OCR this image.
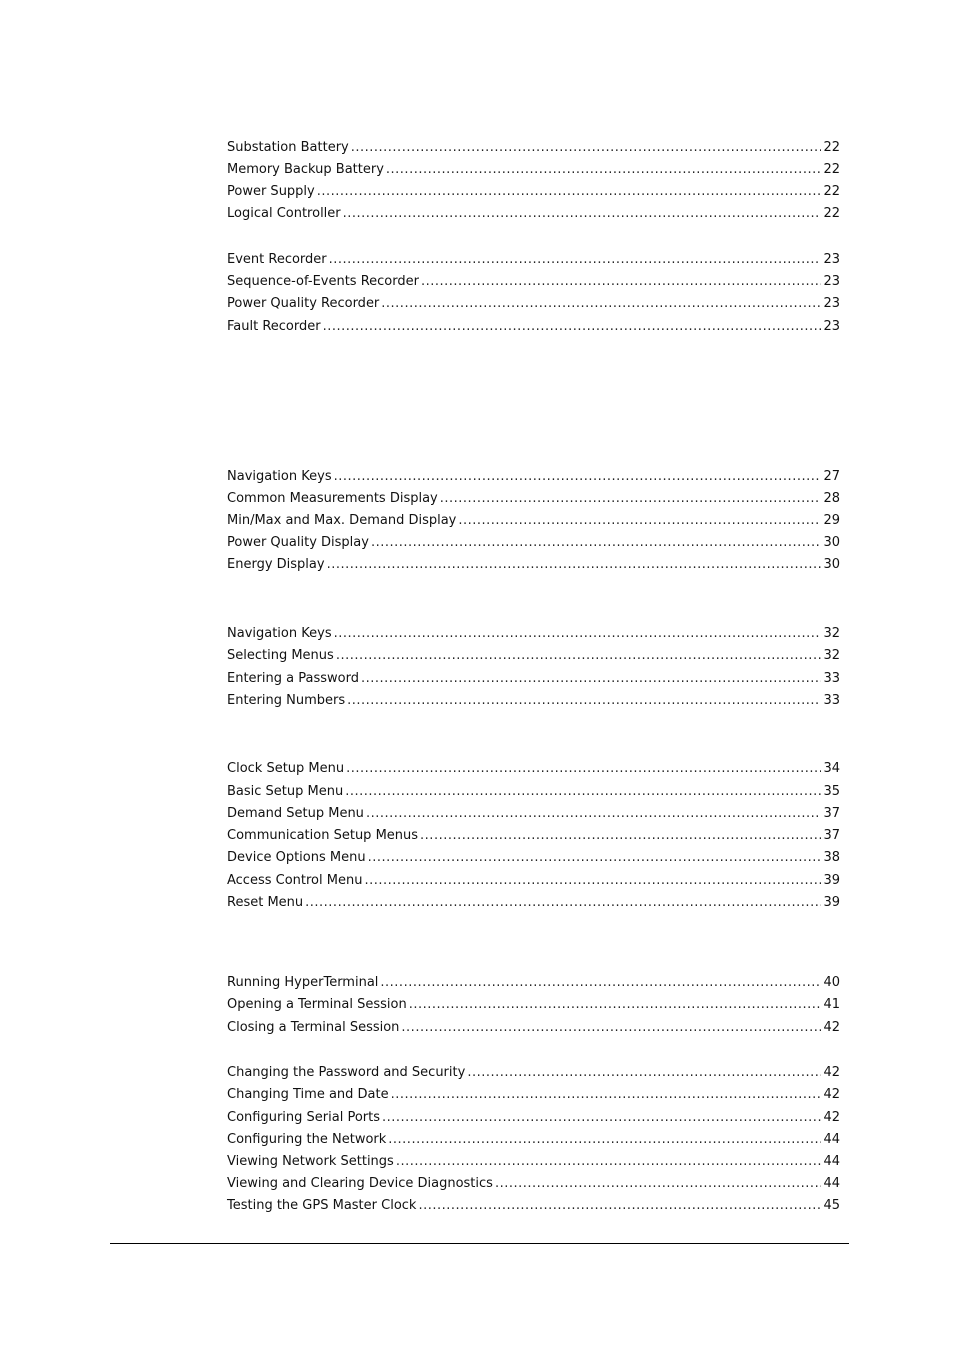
Substation Battery .....	22
Memory Backup Battery .....	22
Power Supply .....	22
Logical Controller .....	22
Event Recorder .....	23
Sequence-of-Events Recorder .....	23
Power Quality Recorder .....	23
Fault Recorder .....	23
Navigation Keys .....	27
Common Measurements Display .....	28
Min/Max and Max. Demand Display .....	29
Power Quality Display .....	30
Energy Display .....	30
Navigation Keys .....	32
Selecting Menus .....	32
Entering a Password .....	33
Entering Numbers .....	33
Clock Setup Menu .....	34
Basic Setup Menu .....	35
Demand Setup Menu .....	37
Communication Setup Menus .....	37
Device Options Menu .....	38
Access Control Menu .....	39
Reset Menu .....	39
Running HyperTerminal .....	40
Opening a Terminal Session .....	41
Closing a Terminal Session .....	42
Changing the Password and Security .....	42
Changing Time and Date .....	42
Configuring Serial Ports .....	42
Configuring the Network .....	44
Viewing Network Settings .....	44
Viewing and Clearing Device Diagnostics .....	44
Testing the GPS Master Clock .....	45
